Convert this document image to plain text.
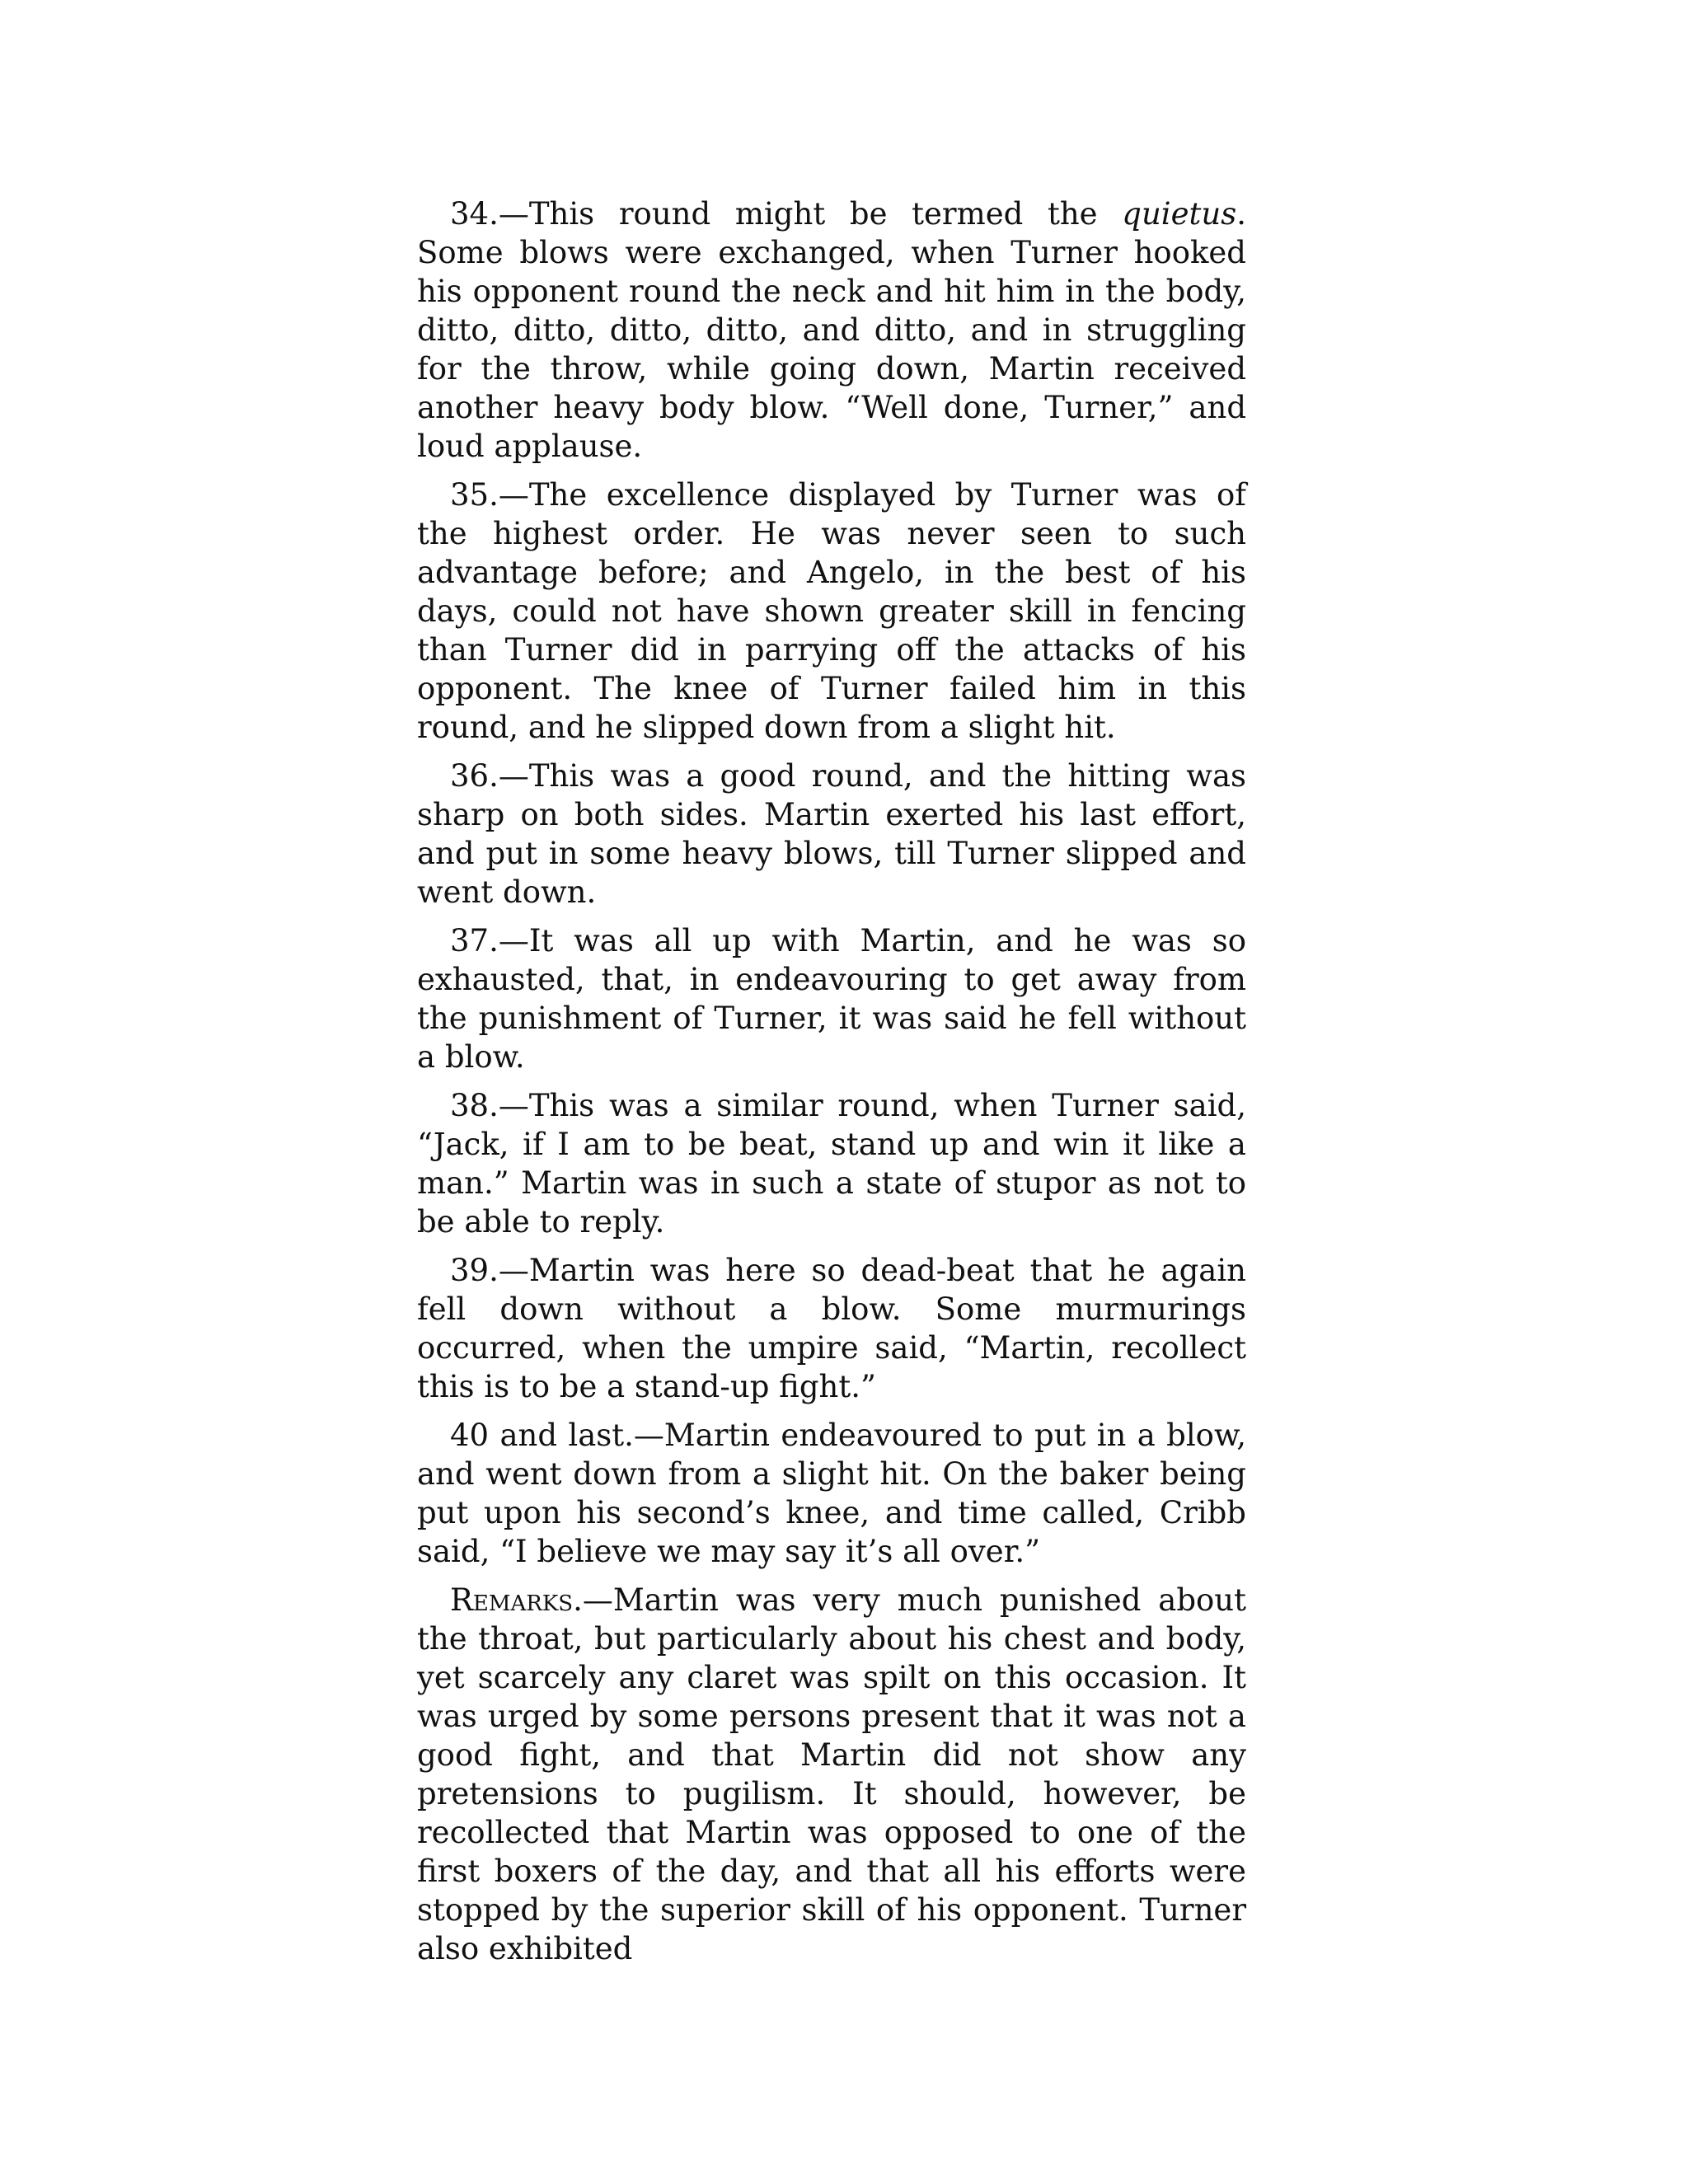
34.—This round might be termed the quietus. Some blows were exchanged, when Turner hooked his opponent round the neck and hit him in the body, ditto, ditto, ditto, ditto, and ditto, and in struggling for the throw, while going down, Martin received another heavy body blow. “Well done, Turner,” and loud applause.

35.—The excellence displayed by Turner was of the highest order. He was never seen to such advantage before; and Angelo, in the best of his days, could not have shown greater skill in fencing than Turner did in parrying off the attacks of his opponent. The knee of Turner failed him in this round, and he slipped down from a slight hit.

36.—This was a good round, and the hitting was sharp on both sides. Martin exerted his last effort, and put in some heavy blows, till Turner slipped and went down.

37.—It was all up with Martin, and he was so exhausted, that, in endeavouring to get away from the punishment of Turner, it was said he fell without a blow.

38.—This was a similar round, when Turner said, “Jack, if I am to be beat, stand up and win it like a man.” Martin was in such a state of stupor as not to be able to reply.

39.—Martin was here so dead-beat that he again fell down without a blow. Some murmurings occurred, when the umpire said, “Martin, recollect this is to be a stand-up fight.”

40 and last.—Martin endeavoured to put in a blow, and went down from a slight hit. On the baker being put upon his second’s knee, and time called, Cribb said, “I believe we may say it’s all over.”

Remarks.—Martin was very much punished about the throat, but particularly about his chest and body, yet scarcely any claret was spilt on this occasion. It was urged by some persons present that it was not a good fight, and that Martin did not show any pretensions to pugilism. It should, however, be recollected that Martin was opposed to one of the first boxers of the day, and that all his efforts were stopped by the superior skill of his opponent. Turner also exhibited
